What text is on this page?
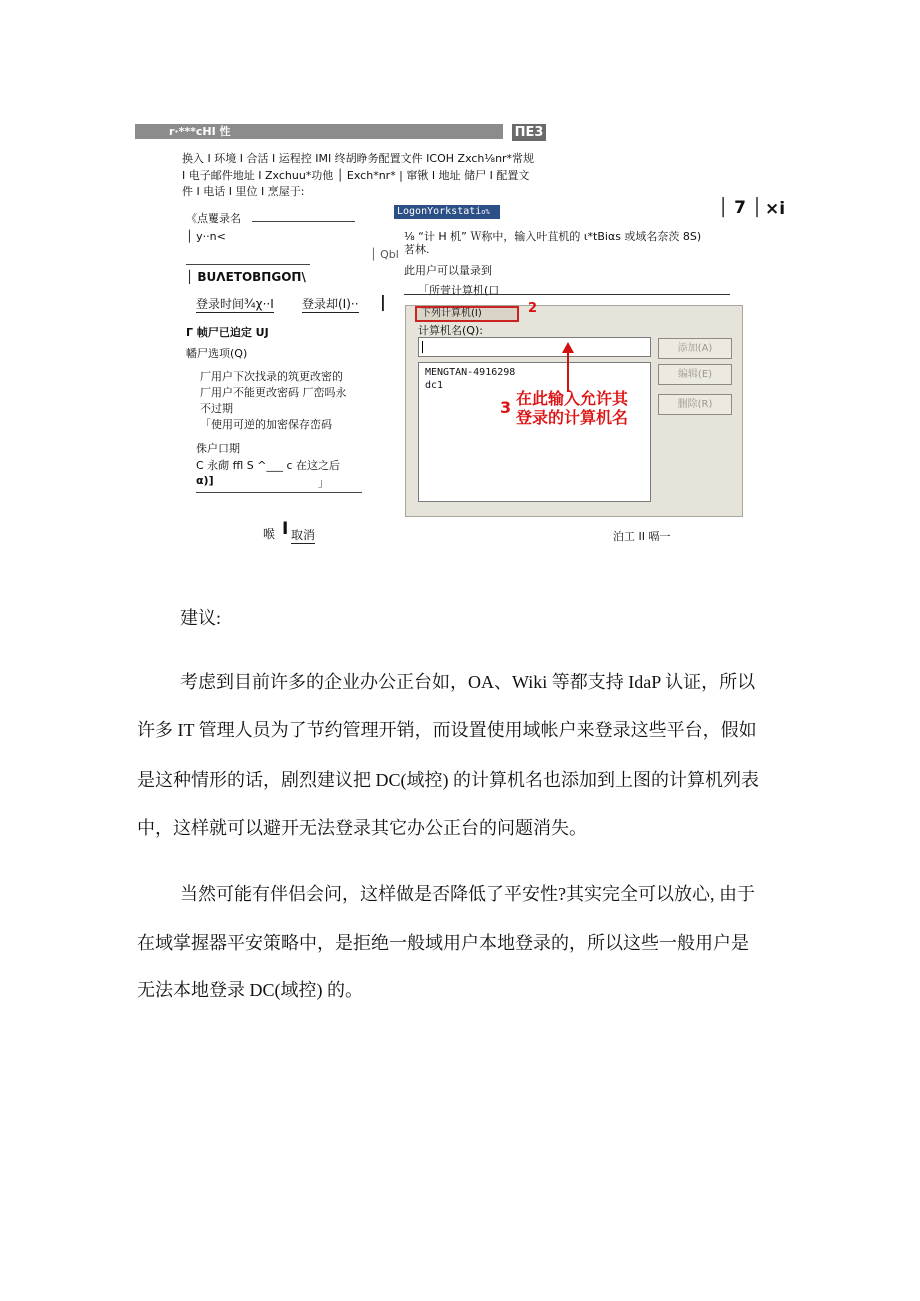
r·***cHI 性	ΠE3
换入 I 环境 I 合活 I 运程控 IMI 终胡睁务配置文件 ICOH Zxch⅛nr*常规
I 电子邮件地址 I Zxchuu*功他 │ Exch*nr* | 窜锹 I 地址 储尸 I 配置文
件 I 电话 I 里位 I 烹屋于:
《点矍录名
│ y··n<
│ Qbl
│ BUΛETOBΠGOΠ\
登录时间¾χ··I 登录却(I)·· |
Γ 帧尸已迫定 UJ
幡尸选项(Q)
厂用户下次找录的筑更改密的
厂用户不能更改密码 厂峦吗永
不过期
「使用可逆的加密保存峦码
侏户口期
C 永砌 ffl S ^___ c 在这之后
α)]	」
喉 I 取消	泊工 II 嗝一
LogonYorkstatio%	│ 7 │ ×i
⅛ “计 H 机” Ｗ称中，输入叶苴机的 ι*tBiαs 或域名奈茨 8S)
茗林.
此用户可以量录到
「所萱计算机(口
下列计算机(I)	2
计算机名(Q):
MENGTAN-4916298
dc1
添加(A)
编辑(E)
删除(R)
3 在此输入允许其
登录的计算机名
建议:
考虑到目前许多的企业办公正台如，OA、Wiki 等都支持 IdaP 认证，所以
许多 IT 管理人员为了节约管理开销，而设置使用域帐户来登录这些平台，假如
是这种情形的话，剧烈建议把 DC(域控) 的计算机名也添加到上图的计算机列表
中，这样就可以避开无法登录其它办公正台的问题消失。
当然可能有伴侣会问，这样做是否降低了平安性?其实完全可以放心, 由于
在域掌握器平安策略中，是拒绝一般域用户本地登录的，所以这些一般用户是
无法本地登录 DC(域控) 的。
